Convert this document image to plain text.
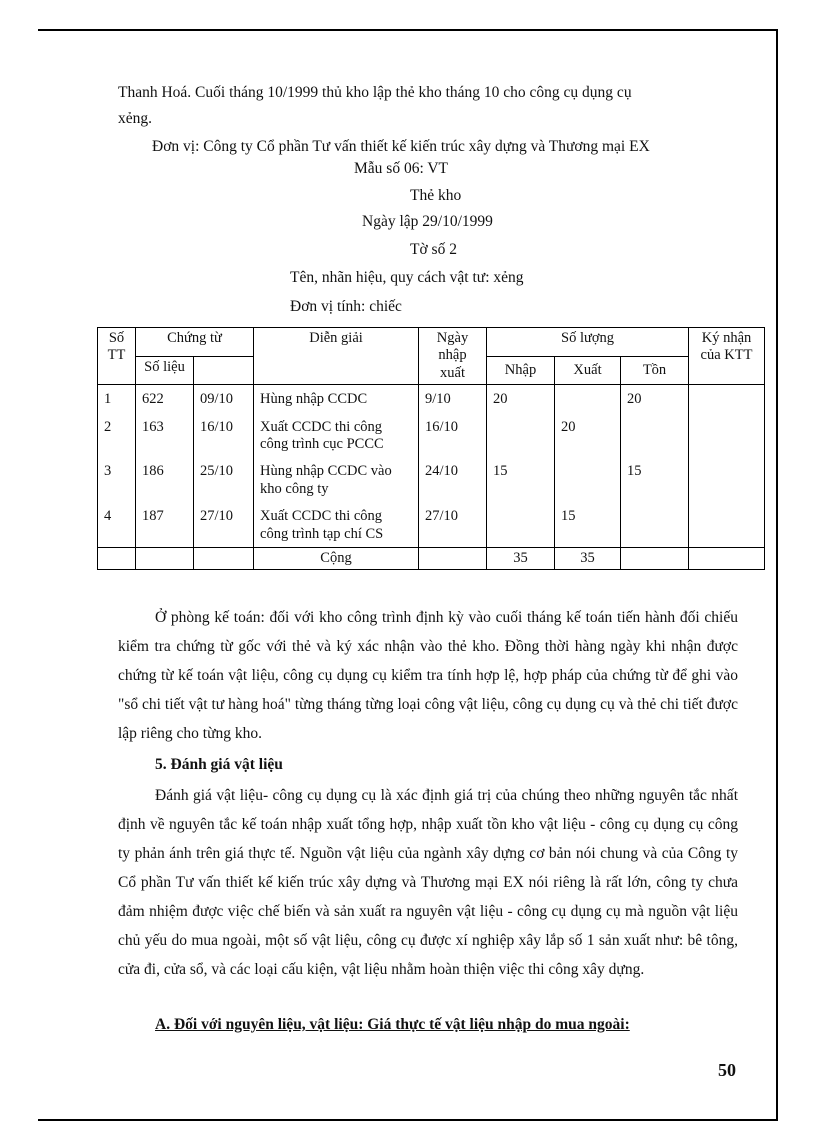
Thanh Hoá. Cuối tháng 10/1999 thủ kho lập thẻ kho tháng 10 cho công cụ dụng cụ
xẻng.
Đơn vị: Công ty Cổ phần Tư vấn thiết kế kiến trúc xây dựng và Thương mại EX
Mẫu số 06: VT
Thẻ kho
Ngày lập 29/10/1999
Tờ số 2
Tên, nhãn hiệu, quy cách vật tư: xẻng
Đơn vị tính: chiếc
Số TT	Chứng từ		Diễn giải	Ngày nhập xuất	Số lượng			Ký nhận của KTT
	Số liệu				Nhập	Xuất	Tồn	
1	622	09/10	Hùng nhập CCDC	9/10	20		20	
2	163	16/10	Xuất CCDC thi công công trình cục PCCC	16/10		20		
3	186	25/10	Hùng nhập CCDC vào kho công ty	24/10	15		15	
4	187	27/10	Xuất CCDC thi công công trình tạp chí CS	27/10		15		
			Cộng		35	35		
Ở phòng kế toán: đối với kho công trình định kỳ vào cuối tháng kế toán tiến hành đối chiếu kiểm tra chứng từ gốc với thẻ và ký xác nhận vào thẻ kho. Đồng thời hàng ngày khi nhận được chứng từ kế toán vật liệu, công cụ dụng cụ kiểm tra tính hợp lệ, hợp pháp của chứng từ để ghi vào "sổ chi tiết vật tư hàng hoá" từng tháng từng loại công vật liệu, công cụ dụng cụ và thẻ chi tiết được lập riêng cho từng kho.
5. Đánh giá vật liệu
Đánh giá vật liệu- công cụ dụng cụ là xác định giá trị của chúng theo những nguyên tắc nhất định về nguyên tắc kế toán nhập xuất tổng hợp, nhập xuất tồn kho vật liệu - công cụ dụng cụ công ty phản ánh trên giá thực tế. Nguồn vật liệu của ngành xây dựng cơ bản nói chung và của Công ty Cổ phần Tư vấn thiết kế kiến trúc xây dựng và Thương mại EX nói riêng là rất lớn, công ty chưa đảm nhiệm được việc chế biến và sản xuất ra nguyên vật liệu - công cụ dụng cụ mà nguồn vật liệu chủ yếu do mua ngoài, một số vật liệu, công cụ được xí nghiệp xây lắp số 1 sản xuất như: bê tông, cửa đi, cửa sổ, và các loại cấu kiện, vật liệu nhằm hoàn thiện việc thi công xây dựng.
A. Đối với nguyên liệu, vật liệu: Giá thực tế vật liệu nhập do mua ngoài:
50
